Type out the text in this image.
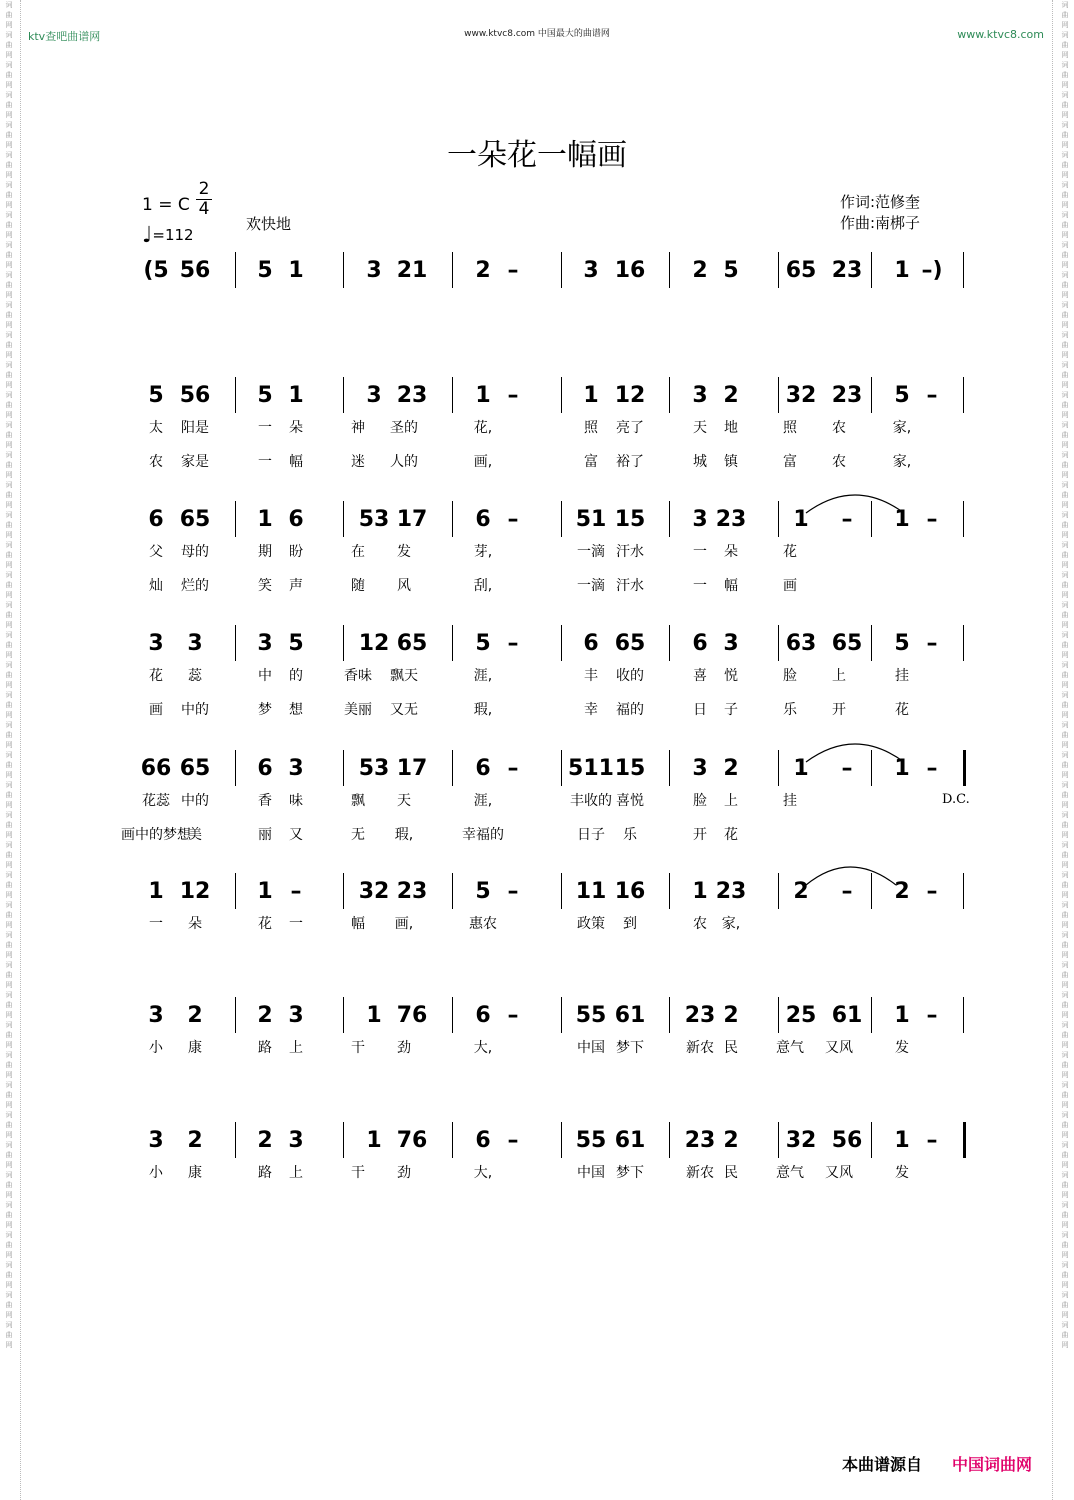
词曲网词曲网词曲网词曲网词曲网词曲网词曲网词曲网词曲网词曲网词曲网词曲网词曲网词曲网词曲网词曲网词曲网词曲网词曲网词曲网词曲网词曲网词曲网词曲网词曲网词曲网词曲网词曲网词曲网词曲网词曲网词曲网词曲网词曲网词曲网词曲网词曲网词曲网词曲网词曲网词曲网词曲网词曲网词曲网词曲网
词曲网词曲网词曲网词曲网词曲网词曲网词曲网词曲网词曲网词曲网词曲网词曲网词曲网词曲网词曲网词曲网词曲网词曲网词曲网词曲网词曲网词曲网词曲网词曲网词曲网词曲网词曲网词曲网词曲网词曲网词曲网词曲网词曲网词曲网词曲网词曲网词曲网词曲网词曲网词曲网词曲网词曲网词曲网词曲网词曲网
ktv查吧曲谱网	www.ktvc8.com 中国最大的曲谱网	www.ktvc8.com
一朵花一幅画
1 = C
2
4
♩=112
欢快地
作词:范修奎
作曲:南梆子
(5 56 5 1	3 21 2 –	3 16 2 5 65 23 1 –)
5 56 5 1	3 23 1 –	1 12 3 2 32 23 5 –
太 阳是	一 朵	神 圣的	花,	照 亮了	天 地	照	农	家,
农 家是	一 幅	迷 人的	画,	富 裕了	城 镇	富	农	家,
6 65 1 6	53 17 6 –	51 15 3 23 1 – 1 –
父 母的	期 盼	在 发	芽,	一滴 汗水	一 朵	花
灿 烂的	笑 声	随 风	刮,	一滴 汗水	一 幅	画
3 3 3 5	12 65 5 –	6 65 6 3 63 65 5 –
花 蕊	中 的	香味 飘天	涯,	丰 收的	喜 悦	脸	上	挂
画 中的	梦 想	美丽 又无	瑕,	幸 福的	日 子	乐	开	花
66 65 6 3	53 17 6 – 511 15 3 2 1 – 1 –
花蕊 中的	香 味	飘 天	涯,	丰收的 喜悦	脸 上	挂
画中的梦想
美	丽 又	无 瑕,	幸福的	日子 乐	开 花
1 12 1 –	32 23 5 –	11 16 1 23 2 – 2 –
一 朵	花 一	幅 画,	惠农	政策 到	农 家,
3 2 2 3	1 76 6 –	55 61 23 2 25 61 1 –
小 康	路 上	干 劲	大,	中国 梦下	新农 民	意气 又风	发
3 2 2 3	1 76 6 –	55 61 23 2 32 56 1 –
小 康	路 上	干 劲	大,	中国 梦下	新农 民	意气 又风	发
D.C.
本曲谱源自 中国词曲网
